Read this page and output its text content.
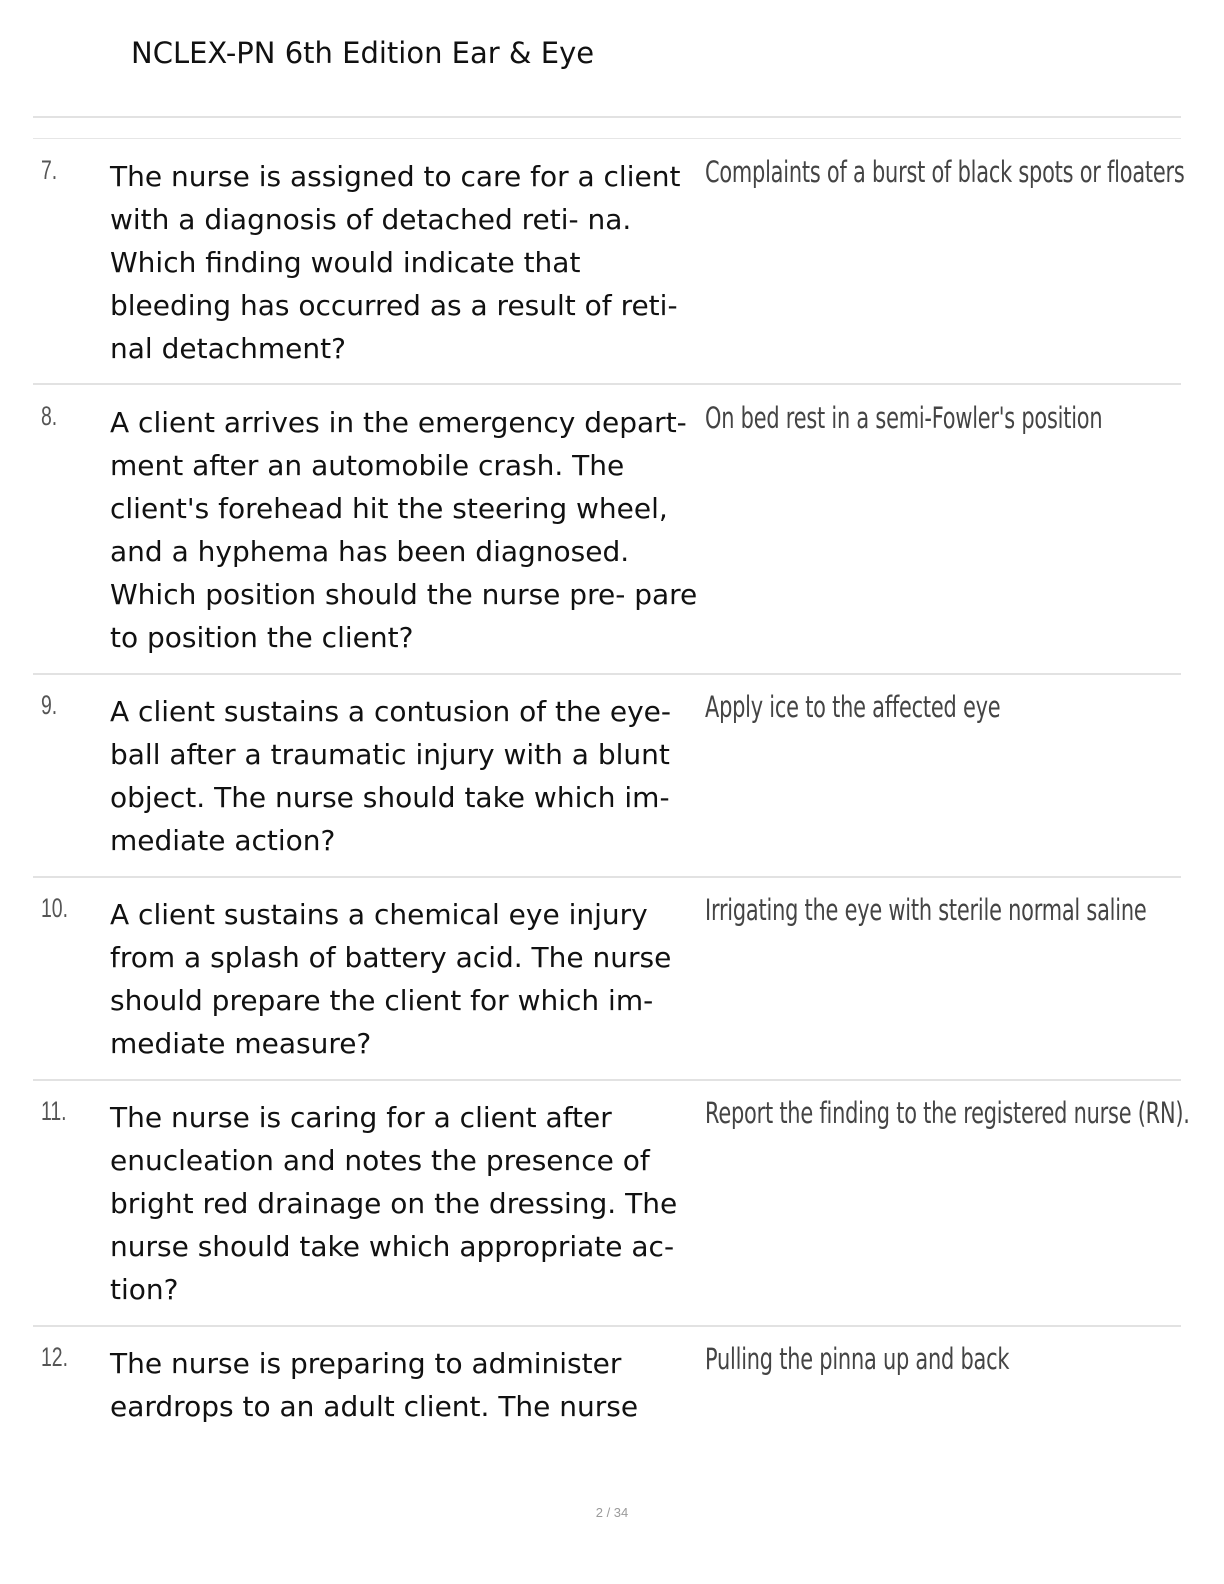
NCLEX-PN 6th Edition Ear & Eye
7. The nurse is assigned to care for a client with a diagnosis of detached reti- na. Which finding would indicate that bleeding has occurred as a result of reti- nal detachment?

Complaints of a burst of black spots or floaters
8. A client arrives in the emergency depart- ment after an automobile crash. The client's forehead hit the steering wheel, and a hyphema has been diagnosed. Which position should the nurse pre- pare to position the client?

On bed rest in a semi-Fowler's position
9. A client sustains a contusion of the eye- ball after a traumatic injury with a blunt object. The nurse should take which im- mediate action?

Apply ice to the affected eye
10. A client sustains a chemical eye injury from a splash of battery acid. The nurse should prepare the client for which im- mediate measure?

Irrigating the eye with sterile normal saline
11. The nurse is caring for a client after enucleation and notes the presence of bright red drainage on the dressing. The nurse should take which appropriate ac- tion?

Report the finding to the registered nurse (RN).
12. The nurse is preparing to administer eardrops to an adult client. The nurse

Pulling the pinna up and back
2 / 34
